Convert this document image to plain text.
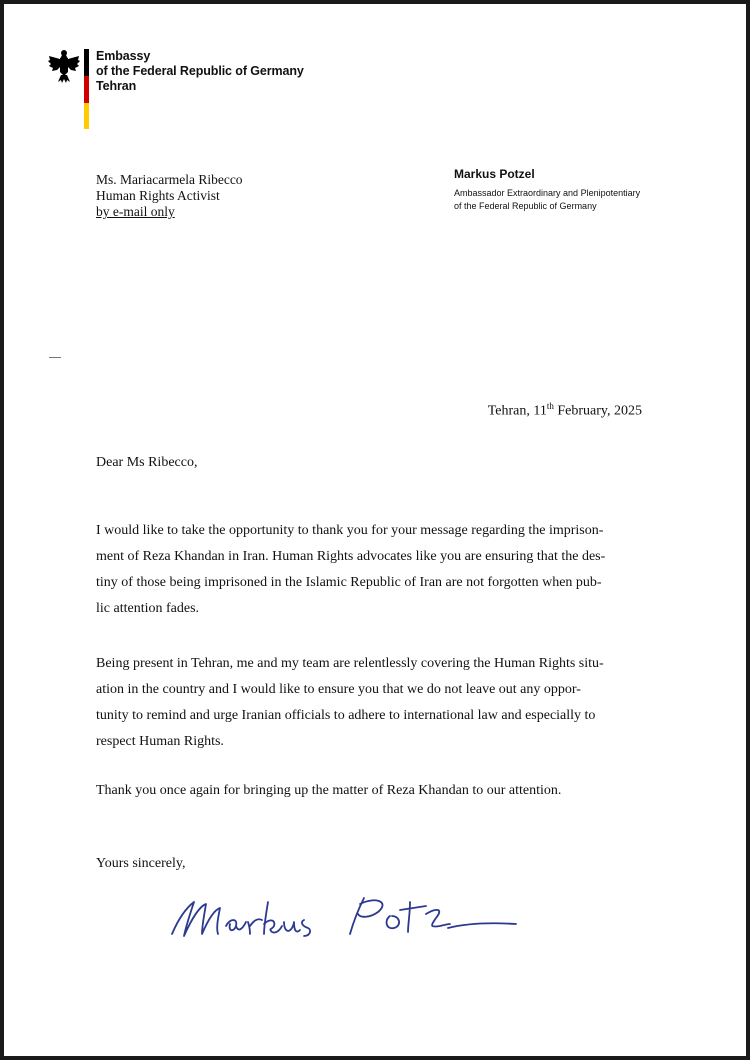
Embassy
of the Federal Republic of Germany
Tehran
Ms. Mariacarmela Ribecco
Human Rights Activist
by e-mail only
Markus Potzel
Ambassador Extraordinary and Plenipotentiary
of the Federal Republic of Germany
Tehran, 11th February, 2025
Dear Ms Ribecco,
I would like to take the opportunity to thank you for your message regarding the imprison-
ment of Reza Khandan in Iran. Human Rights advocates like you are ensuring that the des-
tiny of those being imprisoned in the Islamic Republic of Iran are not forgotten when pub-
lic attention fades.
Being present in Tehran, me and my team are relentlessly covering the Human Rights situ-
ation in the country and I would like to ensure you that we do not leave out any oppor-
tunity to remind and urge Iranian officials to adhere to international law and especially to
respect Human Rights.
Thank you once again for bringing up the matter of Reza Khandan to our attention.
Yours sincerely,
